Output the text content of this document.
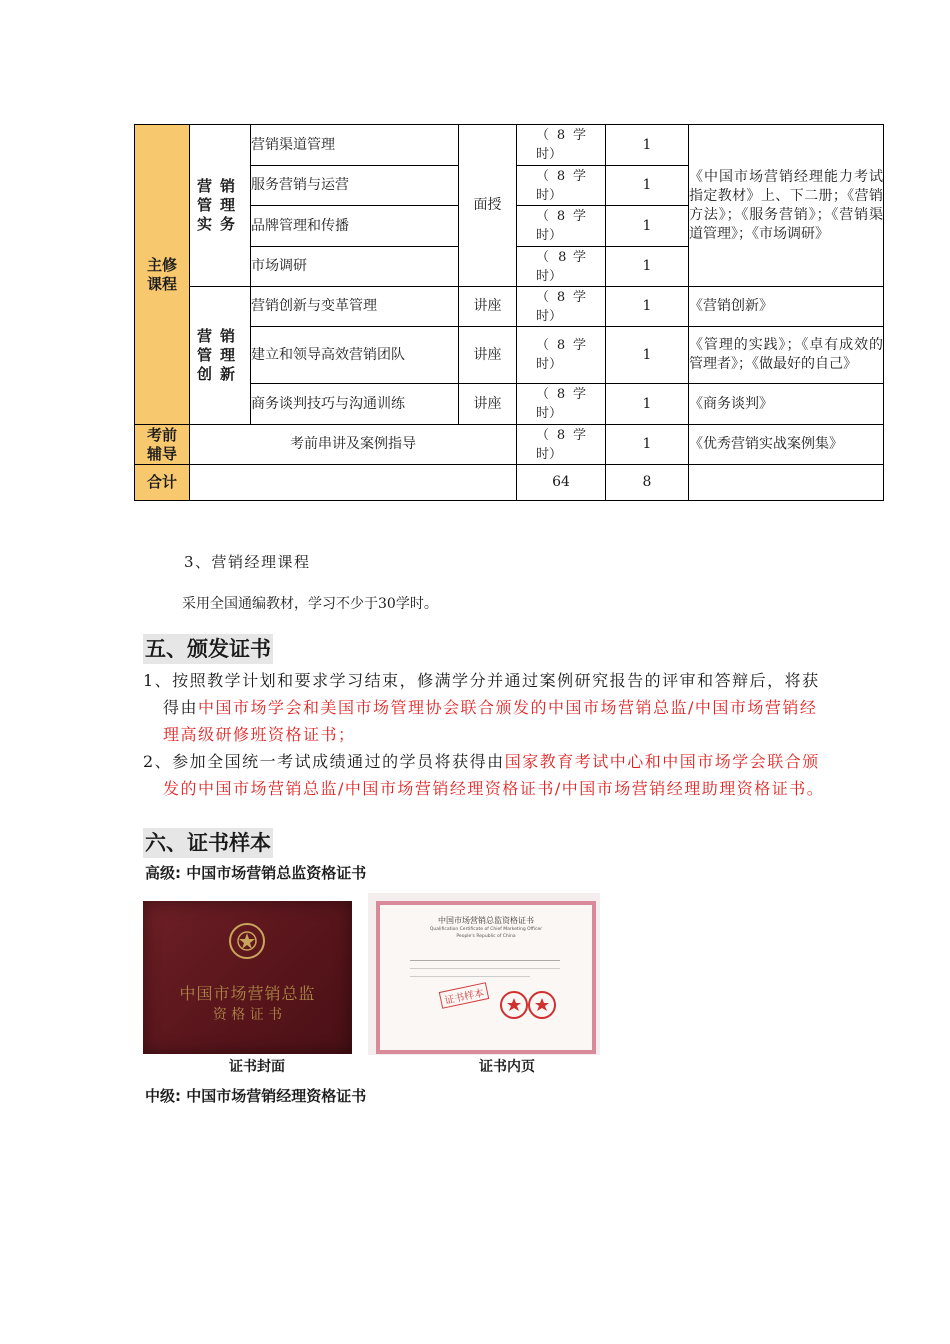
主修课程	营销管理实务	营销渠道管理	面授	（8学时）	1	《中国市场营销经理能力考试指定教材》上、下二册；《营销方法》；《服务营销》；《营销渠道管理》；《市场调研》
		服务营销与运营		（8学时）	1	
		品牌管理和传播		（8学时）	1	
		市场调研		（ 8 学时）	1	
	营销管理创新	营销创新与变革管理	讲座	（8学时）	1	《营销创新》
		建立和领导高效营销团队	讲座	（8学时）	1	《管理的实践》；《卓有成效的管理者》；《做最好的自己》
		商务谈判技巧与沟通训练	讲座	（8学时）	1	《商务谈判》
考前辅导	考前串讲及案例指导			（8学时）	1	《优秀营销实战案例集》
合计				64	8	
3、营销经理课程
采用全国通编教材，学习不少于30学时。
五、颁发证书
1、按照教学计划和要求学习结束，修满学分并通过案例研究报告的评审和答辩后，将获得由中国市场学会和美国市场管理协会联合颁发的中国市场营销总监/中国市场营销经理高级研修班资格证书；
2、参加全国统一考试成绩通过的学员将获得由国家教育考试中心和中国市场学会联合颁发的中国市场营销总监/中国市场营销经理资格证书/中国市场营销经理助理资格证书。
六、证书样本
高级: 中国市场营销总监资格证书
中国市场营销总监
资 格 证 书
中国市场营销总监资格证书
Qualification Certificate of Chief Marketing Officer
People's Republic of China
证书样本
证书封面	证书内页
中级: 中国市场营销经理资格证书
